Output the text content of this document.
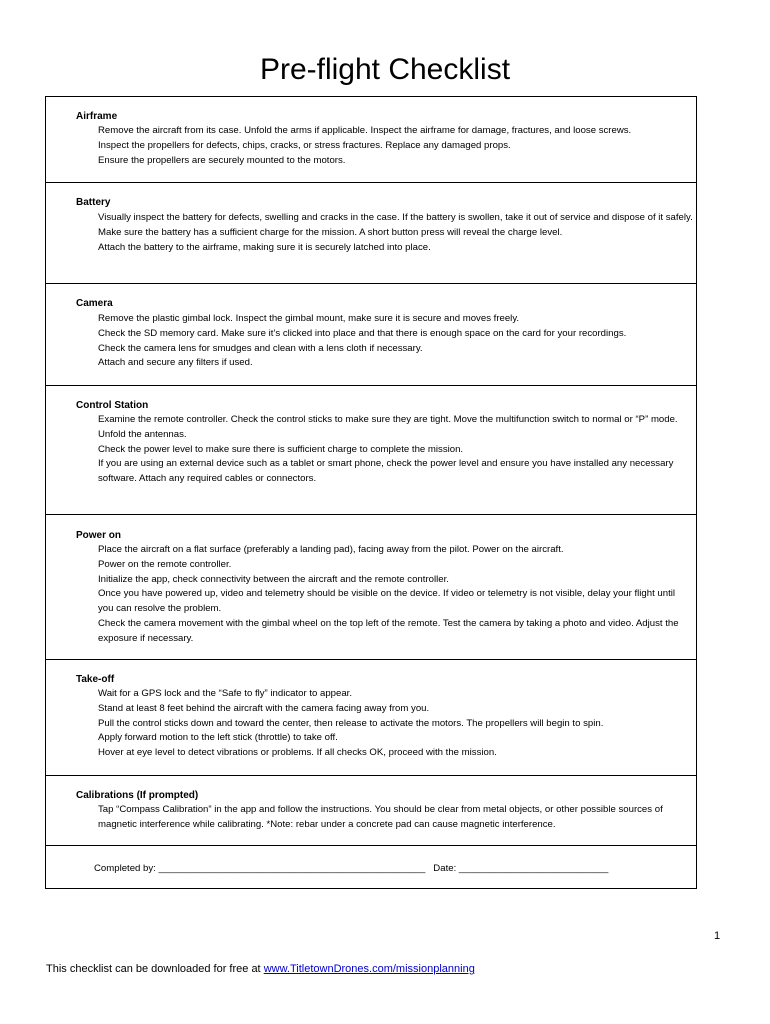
Pre-flight Checklist
Airframe
Remove the aircraft from its case. Unfold the arms if applicable. Inspect the airframe for damage, fractures, and loose screws.
Inspect the propellers for defects, chips, cracks, or stress fractures. Replace any damaged props.
Ensure the propellers are securely mounted to the motors.
Battery
Visually inspect the battery for defects, swelling and cracks in the case. If the battery is swollen, take it out of service and dispose of it safely.
Make sure the battery has a sufficient charge for the mission. A short button press will reveal the charge level.
Attach the battery to the airframe, making sure it is securely latched into place.
Camera
Remove the plastic gimbal lock. Inspect the gimbal mount, make sure it is secure and moves freely.
Check the SD memory card. Make sure it’s clicked into place and that there is enough space on the card for your recordings.
Check the camera lens for smudges and clean with a lens cloth if necessary.
Attach and secure any filters if used.
Control Station
Examine the remote controller. Check the control sticks to make sure they are tight. Move the multifunction switch to normal or “P” mode.
Unfold the antennas.
Check the power level to make sure there is sufficient charge to complete the mission.
If you are using an external device such as a tablet or smart phone, check the power level and ensure you have installed any necessary software. Attach any required cables or connectors.
Power on
Place the aircraft on a flat surface (preferably a landing pad), facing away from the pilot. Power on the aircraft.
Power on the remote controller.
Initialize the app, check connectivity between the aircraft and the remote controller.
Once you have powered up, video and telemetry should be visible on the device. If video or telemetry is not visible, delay your flight until you can resolve the problem.
Check the camera movement with the gimbal wheel on the top left of the remote. Test the camera by taking a photo and video. Adjust the exposure if necessary.
Take-off
Wait for a GPS lock and the “Safe to fly” indicator to appear.
Stand at least 8 feet behind the aircraft with the camera facing away from you.
Pull the control sticks down and toward the center, then release to activate the motors. The propellers will begin to spin.
Apply forward motion to the left stick (throttle) to take off.
Hover at eye level to detect vibrations or problems. If all checks OK, proceed with the mission.
Calibrations (If prompted)
Tap “Compass Calibration” in the app and follow the instructions. You should be clear from metal objects, or other possible sources of magnetic interference while calibrating. *Note: rebar under a concrete pad can cause magnetic interference.
Completed by: __________________________________________________   Date: ____________________________
1
This checklist can be downloaded for free at www.TitletownDrones.com/missionplanning
